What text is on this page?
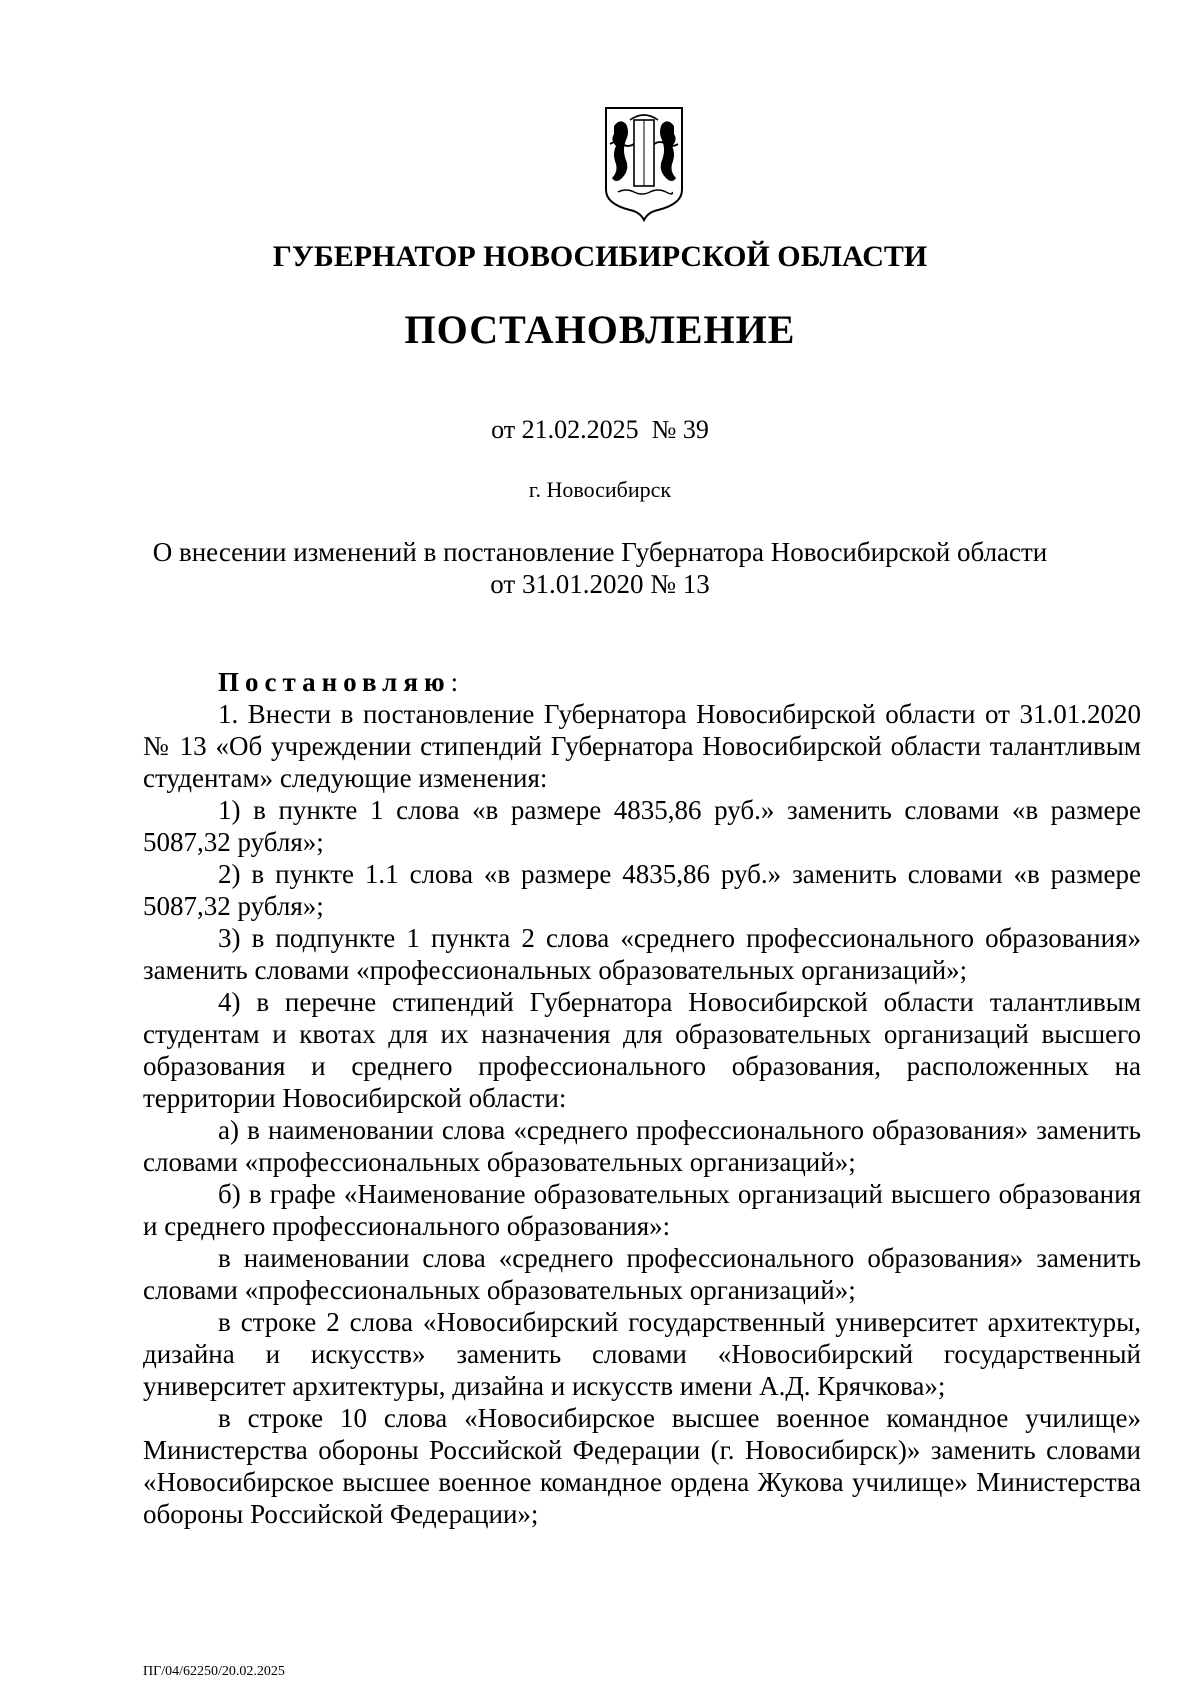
ГУБЕРНАТОР НОВОСИБИРСКОЙ ОБЛАСТИ
ПОСТАНОВЛЕНИЕ
от 21.02.2025  № 39
г. Новосибирск
О внесении изменений в постановление Губернатора Новосибирской области
от 31.01.2020 № 13

Постановляю:

1. Внести в постановление Губернатора Новосибирской области от 31.01.2020 № 13 «Об учреждении стипендий Губернатора Новосибирской области талантливым студентам» следующие изменения:

1) в пункте 1 слова «в размере 4835,86 руб.» заменить словами «в размере 5087,32 рубля»;

2) в пункте 1.1 слова «в размере 4835,86 руб.» заменить словами «в размере 5087,32 рубля»;

3) в подпункте 1 пункта 2 слова «среднего профессионального образования» заменить словами «профессиональных образовательных организаций»;

4) в перечне стипендий Губернатора Новосибирской области талантливым студентам и квотах для их назначения для образовательных организаций высшего образования и среднего профессионального образования, расположенных на территории Новосибирской области:

а) в наименовании слова «среднего профессионального образования» заменить словами «профессиональных образовательных организаций»;

б) в графе «Наименование образовательных организаций высшего образования и среднего профессионального образования»:

в наименовании слова «среднего профессионального образования» заменить словами «профессиональных образовательных организаций»;

в строке 2 слова «Новосибирский государственный университет архитектуры, дизайна и искусств» заменить словами «Новосибирский государственный университет архитектуры, дизайна и искусств имени А.Д. Крячкова»;

в строке 10 слова «Новосибирское высшее военное командное училище» Министерства обороны Российской Федерации (г. Новосибирск)» заменить словами «Новосибирское высшее военное командное ордена Жукова училище» Министерства обороны Российской Федерации»;

ПГ/04/62250/20.02.2025
